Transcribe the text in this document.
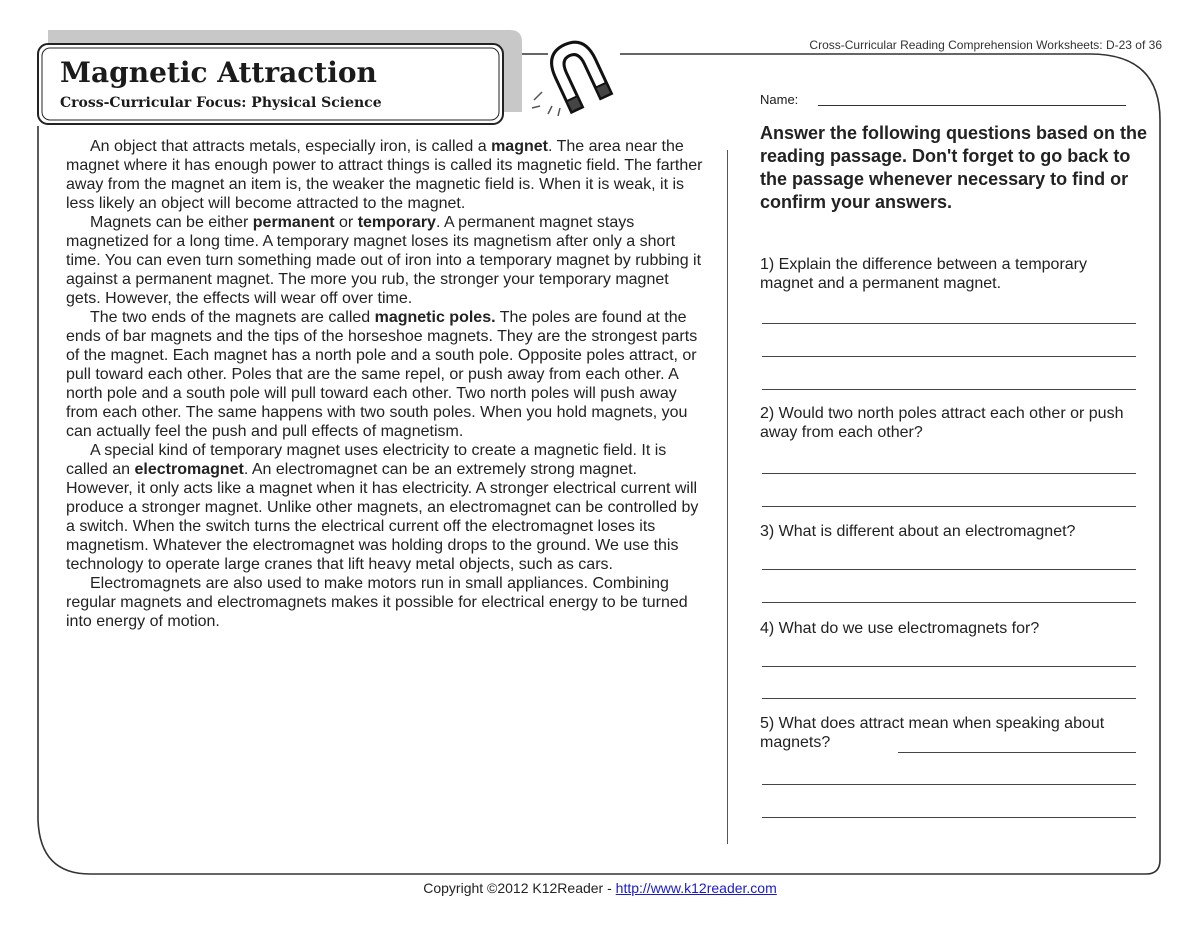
Cross-Curricular Reading Comprehension Worksheets: D-23 of 36
Magnetic Attraction
Cross-Curricular Focus: Physical Science

An object that attracts metals, especially iron, is called a magnet. The area near the magnet where it has enough power to attract things is called its magnetic field. The farther away from the magnet an item is, the weaker the magnetic field is. When it is weak, it is less likely an object will become attracted to the magnet.

Magnets can be either permanent or temporary. A permanent magnet stays magnetized for a long time. A temporary magnet loses its magnetism after only a short time. You can even turn something made out of iron into a temporary magnet by rubbing it against a permanent magnet. The more you rub, the stronger your temporary magnet gets. However, the effects will wear off over time.

The two ends of the magnets are called magnetic poles. The poles are found at the ends of bar magnets and the tips of the horseshoe magnets. They are the strongest parts of the magnet. Each magnet has a north pole and a south pole. Opposite poles attract, or pull toward each other. Poles that are the same repel, or push away from each other. A north pole and a south pole will pull toward each other. Two north poles will push away from each other. The same happens with two south poles. When you hold magnets, you can actually feel the push and pull effects of magnetism.

A special kind of temporary magnet uses electricity to create a magnetic field. It is called an electromagnet. An electromagnet can be an extremely strong magnet. However, it only acts like a magnet when it has electricity. A stronger electrical current will produce a stronger magnet. Unlike other magnets, an electromagnet can be controlled by a switch. When the switch turns the electrical current off the electromagnet loses its magnetism. Whatever the electromagnet was holding drops to the ground. We use this technology to operate large cranes that lift heavy metal objects, such as cars.

Electromagnets are also used to make motors run in small appliances. Combining regular magnets and electromagnets makes it possible for electrical energy to be turned into energy of motion.

Name:

Answer the following questions based on the reading passage. Don't forget to go back to the passage whenever necessary to find or confirm your answers.

1) Explain the difference between a temporary magnet and a permanent magnet.

2) Would two north poles attract each other or push away from each other?

3) What is different about an electromagnet?

4) What do we use electromagnets for?

5) What does attract mean when speaking about magnets?

Copyright ©2012 K12Reader - http://www.k12reader.com
